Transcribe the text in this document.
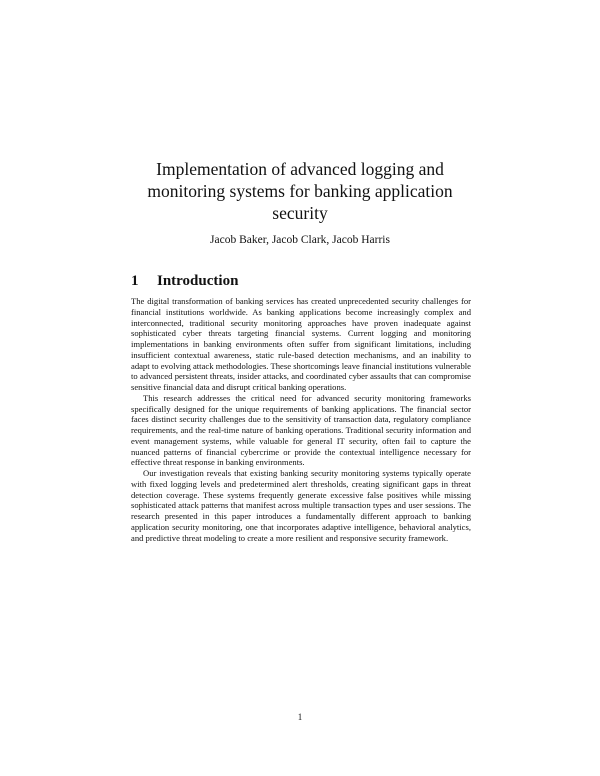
Implementation of advanced logging and monitoring systems for banking application security

Jacob Baker, Jacob Clark, Jacob Harris

1 Introduction

The digital transformation of banking services has created unprecedented security challenges for financial institutions worldwide. As banking applications become increasingly complex and interconnected, traditional security monitoring approaches have proven inadequate against sophisticated cyber threats targeting financial systems. Current logging and monitoring implementations in banking environments often suffer from significant limitations, including insufficient contextual awareness, static rule-based detection mechanisms, and an inability to adapt to evolving attack methodologies. These shortcomings leave financial institutions vulnerable to advanced persistent threats, insider attacks, and coordinated cyber assaults that can compromise sensitive financial data and disrupt critical banking operations.

This research addresses the critical need for advanced security monitoring frameworks specifically designed for the unique requirements of banking applications. The financial sector faces distinct security challenges due to the sensitivity of transaction data, regulatory compliance requirements, and the real-time nature of banking operations. Traditional security information and event management systems, while valuable for general IT security, often fail to capture the nuanced patterns of financial cybercrime or provide the contextual intelligence necessary for effective threat response in banking environments.

Our investigation reveals that existing banking security monitoring systems typically operate with fixed logging levels and predetermined alert thresholds, creating significant gaps in threat detection coverage. These systems frequently generate excessive false positives while missing sophisticated attack patterns that manifest across multiple transaction types and user sessions. The research presented in this paper introduces a fundamentally different approach to banking application security monitoring, one that incorporates adaptive intelligence, behavioral analytics, and predictive threat modeling to create a more resilient and responsive security framework.

1
